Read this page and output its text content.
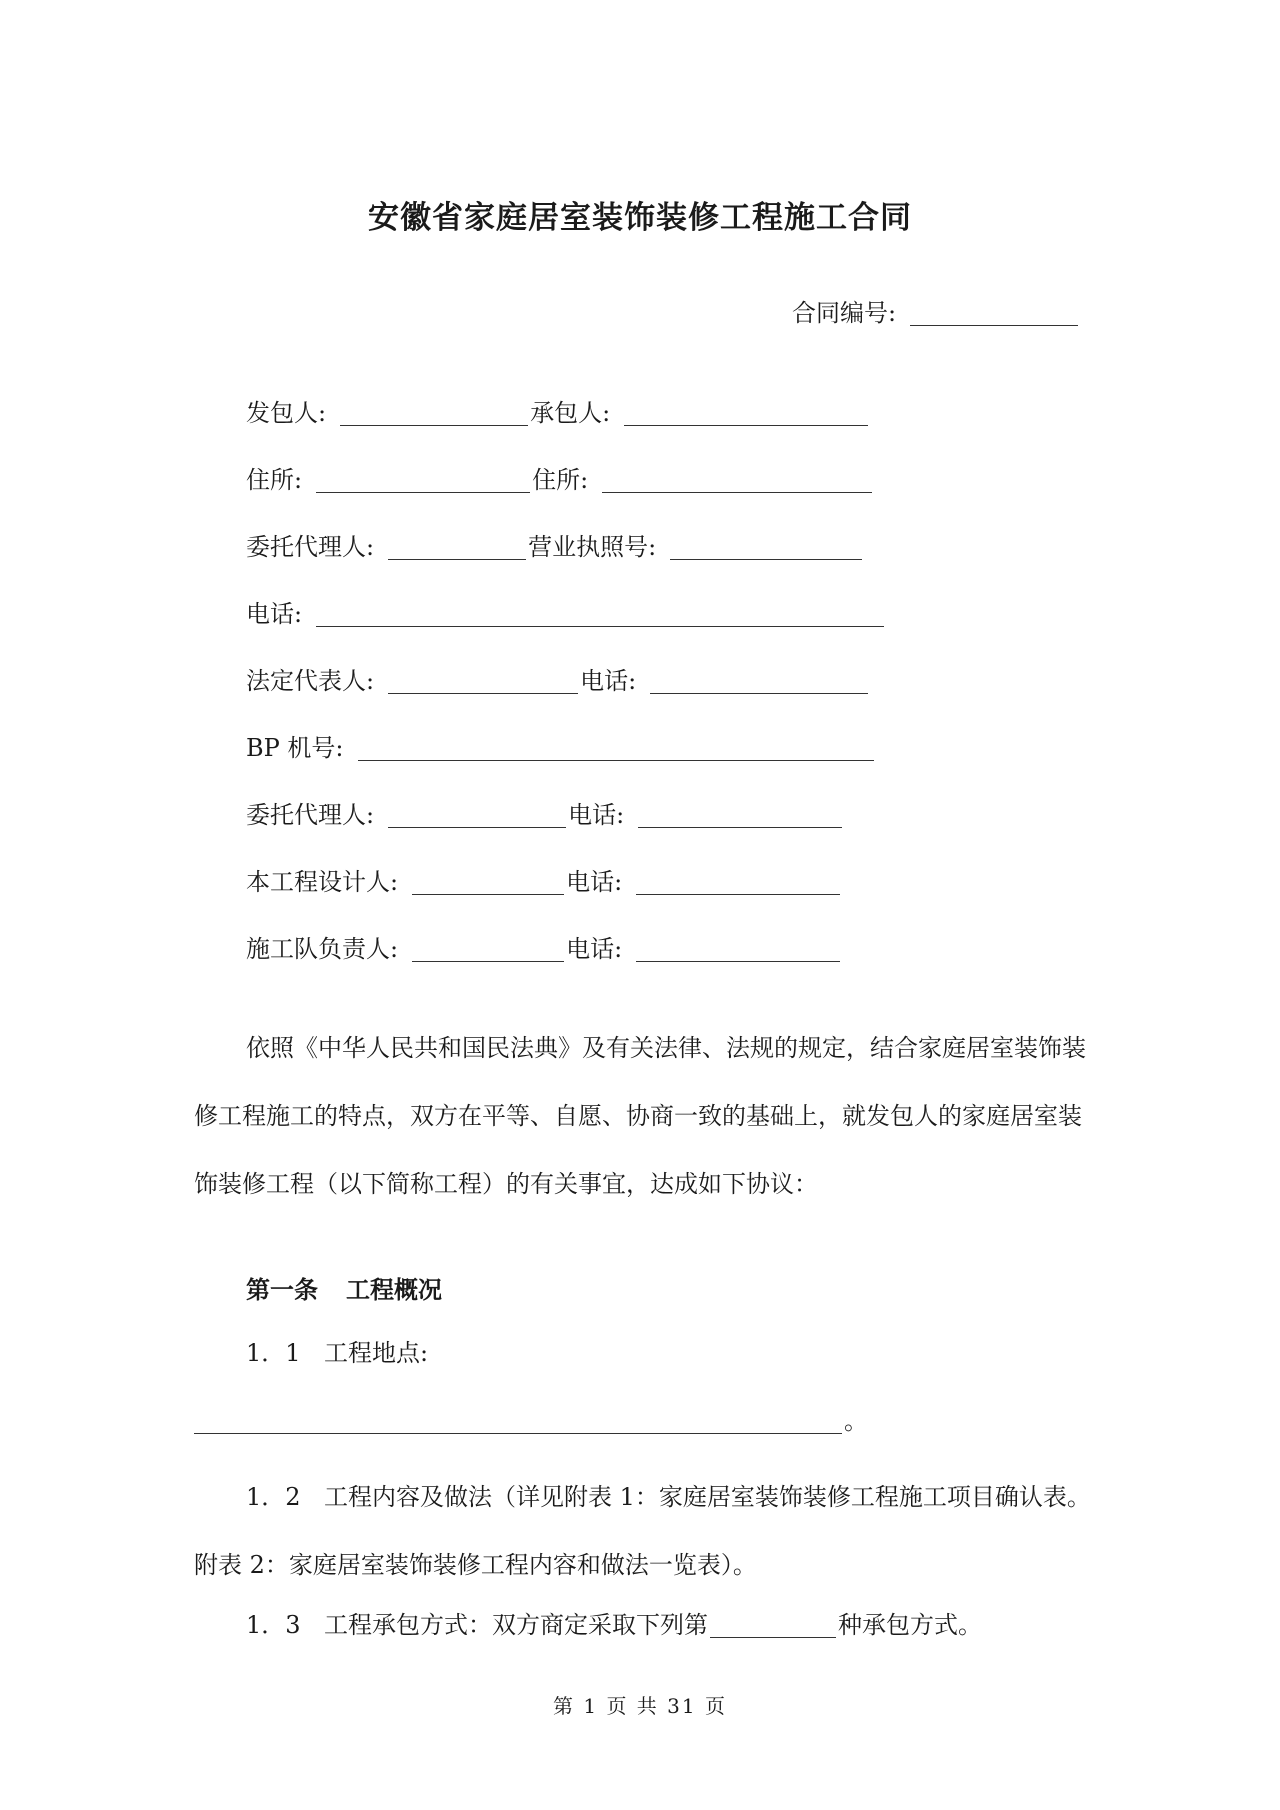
安徽省家庭居室装饰装修工程施工合同
合同编号:
发包人:	承包人:
住所:	住所:
委托代理人:	营业执照号:
电话:
法定代表人:	电话:
BP 机号:
委托代理人:	电话:
本工程设计人:	电话:
施工队负责人:	电话:

依照《中华人民共和国民法典》及有关法律、法规的规定，结合家庭居室装饰装修工程施工的特点，双方在平等、自愿、协商一致的基础上，就发包人的家庭居室装饰装修工程（以下简称工程）的有关事宜，达成如下协议：

第一条 工程概况
1．1 工程地点:
。

1．2 工程内容及做法（详见附表 1：家庭居室装饰装修工程施工项目确认表。附表 2：家庭居室装饰装修工程内容和做法一览表）。

1．3 工程承包方式：双方商定采取下列第	种承包方式。
第 1 页 共 31 页
